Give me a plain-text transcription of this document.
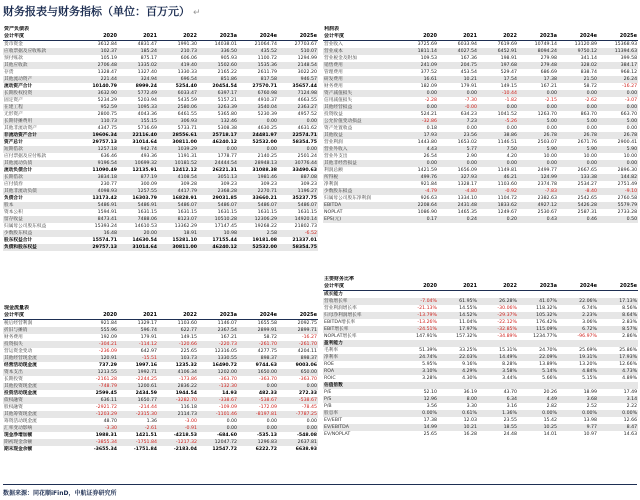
财务报表与财务指标（单位：百万元） ↵
资产负债表						
会计年度	2020	2021	2022	2023a	2024e	2025e
货币资金	3612.84	4831.47	1991.30	14038.01	21064.74	27703.67
应收票据及应收账款	102.37	185.24	210.73	336.50	435.52	510.07
预付账款	105.19	875.17	606.06	905.93	1100.72	1294.99
其他应收款	2706.48	1335.02	419.40	1502.60	1535.36	2148.54
存货	1328.47	1327.40	1330.33	2165.22	2611.79	3022.20
其他流动资产	221.44	324.94	696.54	851.86	817.58	946.57
流动资产合计	10140.79	8999.24	5254.40	20454.54	27570.71	35657.44
长期股权投资	3632.90	5772.49	6033.47	6397.17	6760.98	7124.98
固定资产	5234.29	5203.94	5435.59	5157.21	4910.37	4663.55
在建工程	952.59	1095.33	2580.06	3263.39	3540.04	2363.27
无形资产	2800.75	4043.36	6461.55	5365.80	5230.39	4957.52
长期待摊费用	110.73	155.15	306.93	132.46	0.00	0.00
其他非流动资产	4347.75	5716.69	5733.71	5308.38	4630.25	4631.62
非流动资产合计	19606.34	22116.40	28556.61	25718.17	24481.97	22574.71
资产总计	29757.13	31014.64	30811.00	46240.12	52532.00	58354.75
短期借款	1257.18	942.74	1039.29	0.00	0.00	0.00
应付票据及应付账款	636.46	493.36	1191.31	1778.77	2140.25	2501.24
其他流动负债	9196.54	10699.32	10181.52	24444.54	28948.13	30776.44
流动负债合计	11090.49	12135.91	12412.12	26221.31	31088.38	33490.63
长期借款	3834.18	877.19	4108.54	3051.13	1981.46	887.08
应付债券	230.77	300.09	309.28	309.23	309.23	309.23
其他非流动负债	4098.93	1257.55	4417.79	2368.28	2270.71	1196.27
负债合计	13173.42	16303.79	16828.91	29031.85	33660.21	35237.75
股本	5486.91	5486.91	5486.07	5486.07	5486.07	5486.07
资本公积	1594.91	1631.15	1631.15	1631.15	1631.15	1631.15
留存收益	8473.41	7488.06	8123.07	10510.28	12306.29	14920.14
归属母公司股东权益	15393.24	14610.53	13362.29	17147.45	19268.22	21802.73
少数股东权益	16.48	20.00	18.91	10.98	2.58	-6.52
股东权益合计	15574.71	14630.54	15281.10	17155.44	19181.08	21337.01
负债和股东权益	29757.13	31014.64	30811.00	46240.12	52532.00	58354.75
现金流量表						
会计年度	2020	2021	2022	2023a	2024e	2025e
税后经营利润	921.84	1329.17	1103.60	1146.07	1655.58	2092.75
折旧与摊销	555.96	596.74	622.77	2367.54	2899.91	2899.71
财务费用	192.09	179.91	149.15	167.21	58.72	-16.27
投资损失	-304.21	-114.12	-120.66	-220.73	-261.70	-261.70
营运资金变动	-236.09	642.97	225.65	12316.05	4277.75	4204.11
其他经营现金流	120.91	-15.51	103.73	1330.55	898.37	898.37
经营活动现金流	737.29	1997.16	1235.32	16490.72	9744.63	9003.06
资本支出	1213.55	1992.71	4106.34	1202.00	1650.00	650.00
长期投资	-2161.28	-2244.25	-173.86	-363.70	-363.70	-363.70
其他投资现金流	-748.79	1200.61	2836.22	-132.30	0.00	0.00
投资活动现金流	2599.45	2434.59	1944.54	14.93	482.33	272.33
债权融资	636.11	1650.77	-3282.70	-338.67	-538.67	-538.67
股权融资	-2921.72	-214.44	116.18	-109.09	-172.09	-78.45
其他筹资现金流	-1203.29	-2315.30	2114.73	-1101.46	-8197.81	-7787.25
筹资活动现金流	48.70	1.36	-3.00	0.00	0.00	0.00
汇率变动影响	-3.30	-2.61	-0.91	0.00	0.00	0.00
现金净增加额	1988.31	1421.51	-4218.53	-684.60	-535.13	-548.08
期初现金余额	-3855.34	-1751.84	-1217.32	12047.72	1296.83	2637.81
期末现金余额	-3655.34	-1751.84	-2183.04	12547.72	6222.72	6638.93
利润表						
会计年度	2020	2021	2022	2023a	2024e	2025e
营业收入	3725.69	6033.94	7619.69	10749.14	13120.89	15368.93
营业成本	1811.14	4027.54	6452.91	8094.24	9750.12	11394.63
营业税金及附加	109.53	167.36	198.91	279.98	341.14	399.58
销售费用	241.09	204.75	197.68	279.48	328.02	384.17
管理费用	377.52	453.54	529.47	686.69	838.74	968.12
研发费用	16.61	10.21	17.54	17.38	21.50	26.24
财务费用	182.09	179.91	149.15	167.21	58.72	-16.27
资产减值损失	0.00	0.00	-10.44	0.00	0.00	0.00
信用减值损失	-2.28	-7.30	-1.82	-2.15	-2.62	-3.07
其他经营损益	0.00	-0.00	0.00	0.00	0.00	0.00
投资收益	524.21	634.23	1041.52	1263.70	863.70	663.70
公允价值变动损益	-32.86	7.23	-5.26	5.00	5.00	5.00
资产处置收益	0.18	0.00	0.00	0.00	0.00	0.00
其他收益	17.93	23.56	38.86	26.78	26.78	26.78
营业利润	1443.80	1653.02	1146.51	2503.07	2671.76	2900.41
营业外收入	4.43	5.77	7.50	5.90	5.90	5.90
营业外支出	26.54	2.90	4.20	10.00	10.00	10.00
其他非经营损益	0.00	0.00	0.00	0.00	0.00	0.00
利润总额	1421.59	1656.09	1149.81	2499.77	2667.65	2896.30
所得税	499.76	327.93	46.21	124.99	133.38	144.82
净利润	921.84	1328.17	1103.60	2374.78	2534.27	2751.49
少数股东损益	-4.79	-4.80	-0.92	-7.83	-8.40	-9.10
归属母公司股东净利润	926.63	1334.10	1104.72	2382.63	2542.65	2760.58
EBITDA	2208.64	2431.48	1833.62	4927.12	5426.28	5579.79
NOPLAT	1086.90	1465.35	1249.67	2530.67	2587.31	2733.28
EPS(元)	0.17	0.24	0.20	0.43	0.46	0.50
主要财务比率						
会计年度	2020	2021	2022	2023a	2024e	2025e
成长能力						
营收增长率	-7.04%	61.95%	26.28%	41.07%	22.06%	17.13%
营业利润增长率	-21.13%	14.55%	-30.06%	118.32%	6.74%	8.56%
归母净利润增长率	-13.79%	14.52%	-29.37%	105.32%	2.23%	8.64%
EBITDA增长率	-13.26%	11.04%	-22.12%	176.42%	3.06%	2.83%
EBIT增长率	-24.51%	17.97%	-32.85%	115.09%	6.72%	8.57%
NOPLAT增长率	147.91%	157.32%	-34.89%	1234.77%	-96.97%	2.86%
盈利能力						
毛利率	51.39%	33.25%	15.31%	24.70%	25.69%	25.86%
净利率	24.74%	22.03%	14.49%	22.09%	19.31%	17.93%
ROE	5.95%	9.16%	8.28%	13.89%	13.20%	12.66%
ROA	3.10%	4.29%	3.58%	5.14%	4.84%	4.73%
ROIC	3.28%	4.30%	3.44%	5.66%	5.15%	4.89%
估值倍数						
P/E	52.10	36.19	43.70	20.26	18.99	17.49
P/S	12.96	8.00	6.34	4.49	3.68	3.14
P/B	3.56	3.30	3.16	2.82	2.52	2.22
股息率	0.00%	0.61%	1.36%	0.00%	0.00%	0.00%
EV/EBIT	17.38	12.03	23.55	15.42	13.98	12.66
EV/EBITDA	14.99	10.21	18.55	10.25	9.77	8.47
EV/NOPLAT	25.65	16.28	24.48	14.01	10.97	14.63
数据来源：同花顺iFinD，中航证券研究所
